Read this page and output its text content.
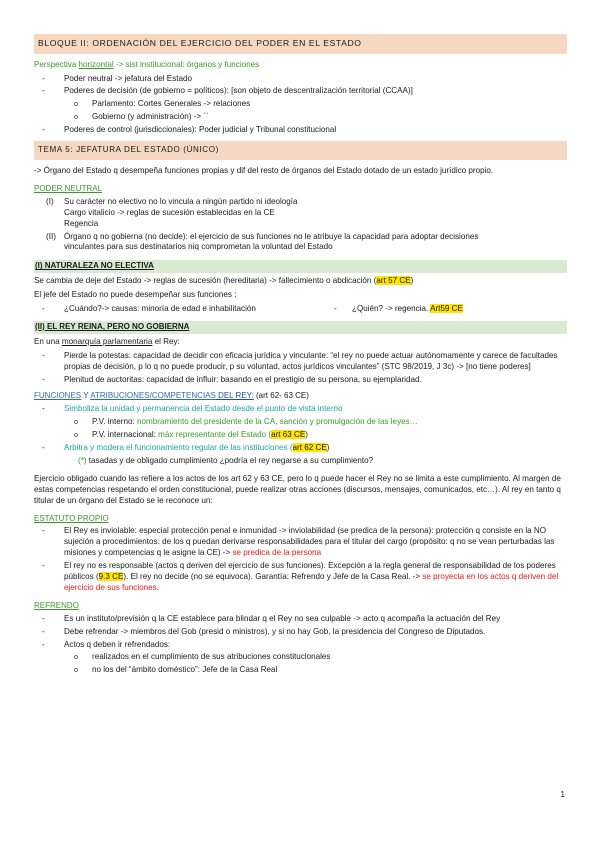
BLOQUE II: ORDENACIÓN DEL EJERCICIO DEL PODER EN EL ESTADO
Perspectiva horizontal -> sist institucional: órganos y funciones
-	Poder neutral -> jefatura del Estado
-	Poderes de decisión (de gobierno = políticos): [son objeto de descentralización territorial (CCAA)]
o	Parlamento: Cortes Generales -> relaciones
o	Gobierno (y administración) -> ``
-	Poderes de control (jurisdiccionales): Poder judicial y Tribunal constitucional
TEMA 5: JEFATURA DEL ESTADO (ÚNICO)
-> Órgano del Estado q desempeña funciones propias y dif del resto de órganos del Estado dotado de un estado jurídico propio.
PODER NEUTRAL
(I) Su carácter no electivo no lo vincula a ningún partido ni ideología
Cargo vitalicio -> reglas de sucesión establecidas en la CE
Regencia
(II) Órgano q no gobierna (no decide): el ejercicio de sus funciones no le atribuye la capacidad para adoptar decisiones
vinculantes para sus destinatarios niq comprometan la voluntad del Estado
(I) NATURALEZA NO ELECTIVA
Se cambia de deje del Estado -> reglas de sucesión (hereditaria) -> fallecimiento o abdicación (art 57 CE)
El jefe del Estado no puede desempeñar sus funciones :
- ¿Cuándo?-> causas: minoría de edad e inhabilitación	- ¿Quién? -> regencia. Art59 CE
(II) EL REY REINA, PERO NO GOBIERNA
En una monarquía parlamentaria el Rey:
-	Pierde la potestas: capacidad de decidir con eficacia jurídica y vinculante: “el rey no puede actuar autónomamente y carece de facultades propias de decisión, p lo q no puede producir, p su voluntad, actos jurídicos vinculantes” (STC 98/2019, J 3c) -> [no tiene poderes]
-	Plenitud de auctoritas: capacidad de influir: basando en el prestigio de su persona, su ejemplaridad.
FUNCIONES Y ATRIBUCIONES/COMPETENCIAS DEL REY: (art 62- 63 CE)
-	Simboliza la unidad y permanencia del Estado desde el punto de vista interno
o	P.V. interno: nombramiento del presidente de la CA, sanción y promulgación de las leyes…
o	P.V. internacional: máx representante del Estado (art 63 CE)
-	Arbitra y modera el funcionamiento regular de las instituciones (art 62 CE)
(*) tasadas y de obligado cumplimiento ¿podría el rey negarse a su cumplimiento?
Ejercicio obligado cuando las refiere a los actos de los art 62 y 63 CE, pero lo q puede hacer el Rey no se limita a este cumplimiento. Al margen de estas competencias respetando el orden constitucional, puede realizar otras acciones (discursos, mensajes, comunicados, etc…). Al rey en tanto q titular de un órgano del Estado se le reconoce un:
ESTATUTO PROPIO
-	El Rey es inviolable: especial protección penal e inmunidad -> inviolabilidad (se predica de la persona): protección q consiste en la NO sujeción a procedimientos: de los q puedan derivarse responsabilidades para el titular del cargo (propósito: q no se vean perturbadas las misiones y competencias q le asigne la CE) -> se predica de la persona
-	El rey no es responsable (actos q deriven del ejercicio de sus funciones). Excepción a la regla general de responsabilidad de los poderes públicos (9.3 CE). El rey no decide (no se equivoca). Garantía: Refrendo y Jefe de la Casa Real. -> se proyecta en los actos q deriven del ejercicio de sus funciones.
REFRENDO
-	Es un instituto/previsión q la CE establece para blindar q el Rey no sea culpable -> acto q acompaña la actuación del Rey
-	Debe refrendar -> miembros del Gob (presid o ministros), y si no hay Gob, la presidencia del Congreso de Diputados.
-	Actos q deben ir refrendados:
o	realizados en el cumplimiento de sus atribuciones constitucionales
o	no los del “ámbito doméstico”: Jefe de la Casa Real
1
